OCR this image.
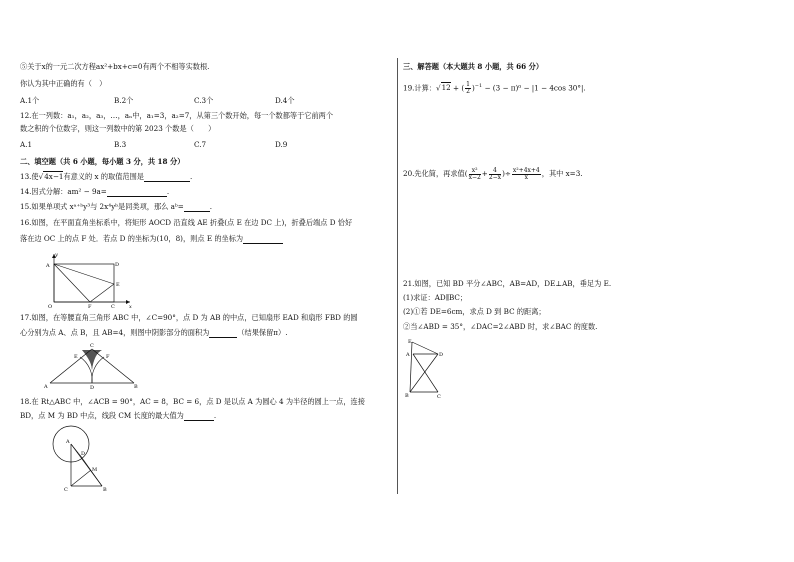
⑤关于x的一元二次方程ax²+bx+c=0有两个不相等实数根.
你认为其中正确的有（　）
A.1个	B.2个	C.3个	D.4个
12.在一列数：a₁，a₂，a₃，…，aₙ中，a₁=3，a₂=7，从第三个数开始，每一个数都等于它前两个
数之积的个位数字，则这一列数中的第 2023 个数是（　　）
A.1	B.3	C.7	D.9
二、填空题（共 6 小题，每小题 3 分，共 18 分）
13.使√4x−1有意义的 x 的取值范围是	.
14.因式分解：am² − 9a=	.
15.如果单项式 xᵃ⁺ᵇy³与 2x⁴yᵇ是同类项，那么 aᵇ=	.
16.如图，在平面直角坐标系中，将矩形 AOCD 沿直线 AE 折叠(点 E 在边 DC 上)，折叠后端点 D 恰好
落在边 OC 上的点 F 处．若点 D 的坐标为(10，8)，则点 E 的坐标为
y
A	D
E
O	F	C	x
17.如图，在等腰直角三角形 ABC 中，∠C=90°，点 D 为 AB 的中点，已知扇形 EAD 和扇形 FBD 的圆
心分别为点 A、点 B，且 AB=4，则图中阴影部分的面积为	（结果保留π）.
C
E	F
A	D	B
18.在 Rt△ABC 中，∠ACB = 90°，AC = 8，BC = 6，点 D 是以点 A 为圆心 4 为半径的圆上一点，连接
BD，点 M 为 BD 中点，线段 CM 长度的最大值为	.
A
D
M
C	B
三、解答题（本大题共 8 小题，共 66 分）
19.计算：√12 + ( $\frac{1}{2} )^{-1} - (3 - \pi)^0 - |1 - 4\cos$ 30°|.
20.先化简，再求值( $\frac{\text{x²}}{x-2} + \frac{4}{2-x}$ )÷ $\frac{\text{x²+4x+4}}{x}$ ，其中 x=3.
21.如图，已知 BD 平分∠ABC，AB=AD，DE⊥AB，垂足为 E.
(1)求证：AD∥BC；
(2)①若 DE=6cm，求点 D 到 BC 的距离；
②当∠ABD = 35°，∠DAC=2∠ABD 时，求∠BAC 的度数.
E
A	D
B	C
